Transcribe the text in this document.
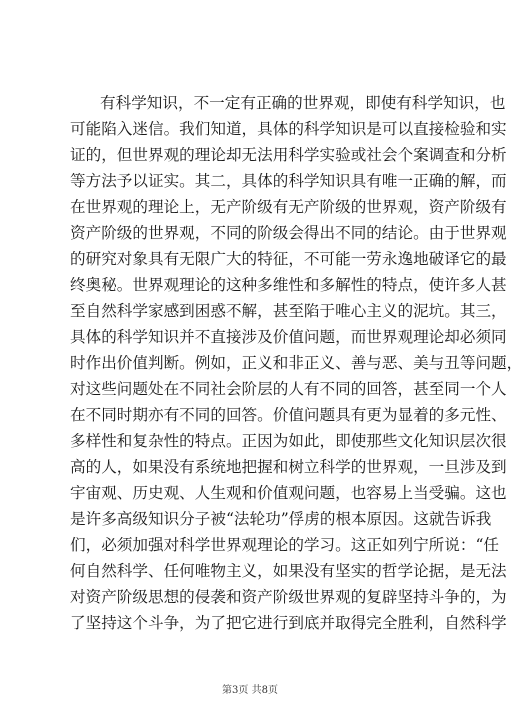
有科学知识，不一定有正确的世界观，即使有科学知识，也
可能陷入迷信。我们知道，具体的科学知识是可以直接检验和实
证的，但世界观的理论却无法用科学实验或社会个案调查和分析
等方法予以证实。其二，具体的科学知识具有唯一正确的解，而
在世界观的理论上，无产阶级有无产阶级的世界观，资产阶级有
资产阶级的世界观，不同的阶级会得出不同的结论。由于世界观
的研究对象具有无限广大的特征，不可能一劳永逸地破译它的最
终奥秘。世界观理论的这种多维性和多解性的特点，使许多人甚
至自然科学家感到困惑不解，甚至陷于唯心主义的泥坑。其三，
具体的科学知识并不直接涉及价值问题，而世界观理论却必须同
时作出价值判断。例如，正义和非正义、善与恶、美与丑等问题，
对这些问题处在不同社会阶层的人有不同的回答，甚至同一个人
在不同时期亦有不同的回答。价值问题具有更为显着的多元性、
多样性和复杂性的特点。正因为如此，即使那些文化知识层次很
高的人，如果没有系统地把握和树立科学的世界观，一旦涉及到
宇宙观、历史观、人生观和价值观问题，也容易上当受骗。这也
是许多高级知识分子被“法轮功”俘虏的根本原因。这就告诉我
们，必须加强对科学世界观理论的学习。这正如列宁所说：“任
何自然科学、任何唯物主义，如果没有坚实的哲学论据，是无法
对资产阶级思想的侵袭和资产阶级世界观的复辟坚持斗争的，为
了坚持这个斗争，为了把它进行到底并取得完全胜利，自然科学
第3页 共8页
